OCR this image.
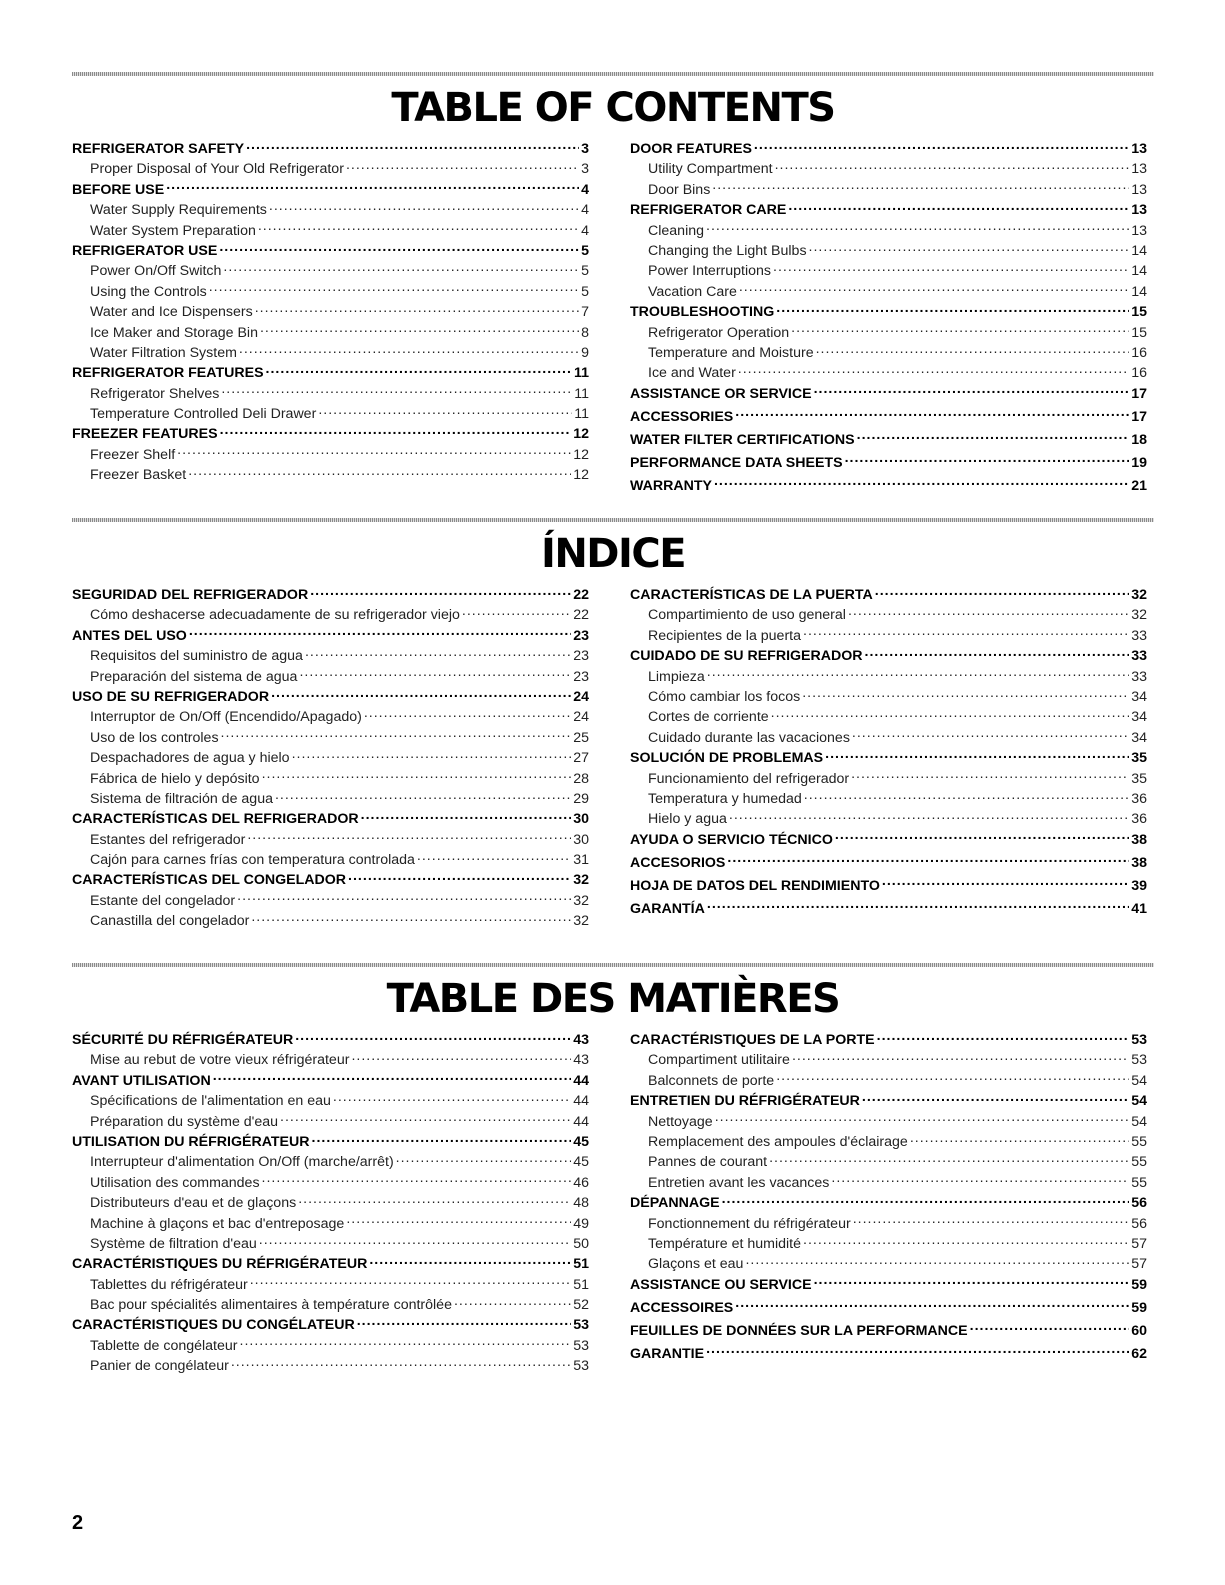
TABLE OF CONTENTS
REFRIGERATOR SAFETY .....	3
Proper Disposal of Your Old Refrigerator .....	3
BEFORE USE .....	4
Water Supply Requirements .....	4
Water System Preparation .....	4
REFRIGERATOR USE .....	5
Power On/Off Switch .....	5
Using the Controls .....	5
Water and Ice Dispensers .....	7
Ice Maker and Storage Bin .....	8
Water Filtration System .....	9
REFRIGERATOR FEATURES .....	11
Refrigerator Shelves .....	11
Temperature Controlled Deli Drawer .....	11
FREEZER FEATURES .....	12
Freezer Shelf .....	12
Freezer Basket .....	12
DOOR FEATURES .....	13
Utility Compartment .....	13
Door Bins .....	13
REFRIGERATOR CARE .....	13
Cleaning .....	13
Changing the Light Bulbs .....	14
Power Interruptions .....	14
Vacation Care .....	14
TROUBLESHOOTING .....	15
Refrigerator Operation .....	15
Temperature and Moisture .....	16
Ice and Water .....	16
ASSISTANCE OR SERVICE .....	17
ACCESSORIES .....	17
WATER FILTER CERTIFICATIONS .....	18
PERFORMANCE DATA SHEETS .....	19
WARRANTY .....	21
ÍNDICE
SEGURIDAD DEL REFRIGERADOR .....	22
Cómo deshacerse adecuadamente de su refrigerador viejo .....	22
ANTES DEL USO .....	23
Requisitos del suministro de agua .....	23
Preparación del sistema de agua .....	23
USO DE SU REFRIGERADOR .....	24
Interruptor de On/Off (Encendido/Apagado) .....	24
Uso de los controles .....	25
Despachadores de agua y hielo .....	27
Fábrica de hielo y depósito .....	28
Sistema de filtración de agua .....	29
CARACTERÍSTICAS DEL REFRIGERADOR .....	30
Estantes del refrigerador .....	30
Cajón para carnes frías con temperatura controlada .....	31
CARACTERÍSTICAS DEL CONGELADOR .....	32
Estante del congelador .....	32
Canastilla del congelador .....	32
CARACTERÍSTICAS DE LA PUERTA .....	32
Compartimiento de uso general .....	32
Recipientes de la puerta .....	33
CUIDADO DE SU REFRIGERADOR .....	33
Limpieza .....	33
Cómo cambiar los focos .....	34
Cortes de corriente .....	34
Cuidado durante las vacaciones .....	34
SOLUCIÓN DE PROBLEMAS .....	35
Funcionamiento del refrigerador .....	35
Temperatura y humedad .....	36
Hielo y agua .....	36
AYUDA O SERVICIO TÉCNICO .....	38
ACCESORIOS .....	38
HOJA DE DATOS DEL RENDIMIENTO .....	39
GARANTÍA .....	41
TABLE DES MATIÈRES
SÉCURITÉ DU RÉFRIGÉRATEUR .....	43
Mise au rebut de votre vieux réfrigérateur .....	43
AVANT UTILISATION .....	44
Spécifications de l'alimentation en eau .....	44
Préparation du système d'eau .....	44
UTILISATION DU RÉFRIGÉRATEUR .....	45
Interrupteur d'alimentation On/Off (marche/arrêt) .....	45
Utilisation des commandes .....	46
Distributeurs d'eau et de glaçons .....	48
Machine à glaçons et bac d'entreposage .....	49
Système de filtration d'eau .....	50
CARACTÉRISTIQUES DU RÉFRIGÉRATEUR .....	51
Tablettes du réfrigérateur .....	51
Bac pour spécialités alimentaires à température contrôlée .....	52
CARACTÉRISTIQUES DU CONGÉLATEUR .....	53
Tablette de congélateur .....	53
Panier de congélateur .....	53
CARACTÉRISTIQUES DE LA PORTE .....	53
Compartiment utilitaire .....	53
Balconnets de porte .....	54
ENTRETIEN DU RÉFRIGÉRATEUR .....	54
Nettoyage .....	54
Remplacement des ampoules d'éclairage .....	55
Pannes de courant .....	55
Entretien avant les vacances .....	55
DÉPANNAGE .....	56
Fonctionnement du réfrigérateur .....	56
Température et humidité .....	57
Glaçons et eau .....	57
ASSISTANCE OU SERVICE .....	59
ACCESSOIRES .....	59
FEUILLES DE DONNÉES SUR LA PERFORMANCE .....	60
GARANTIE .....	62
2
